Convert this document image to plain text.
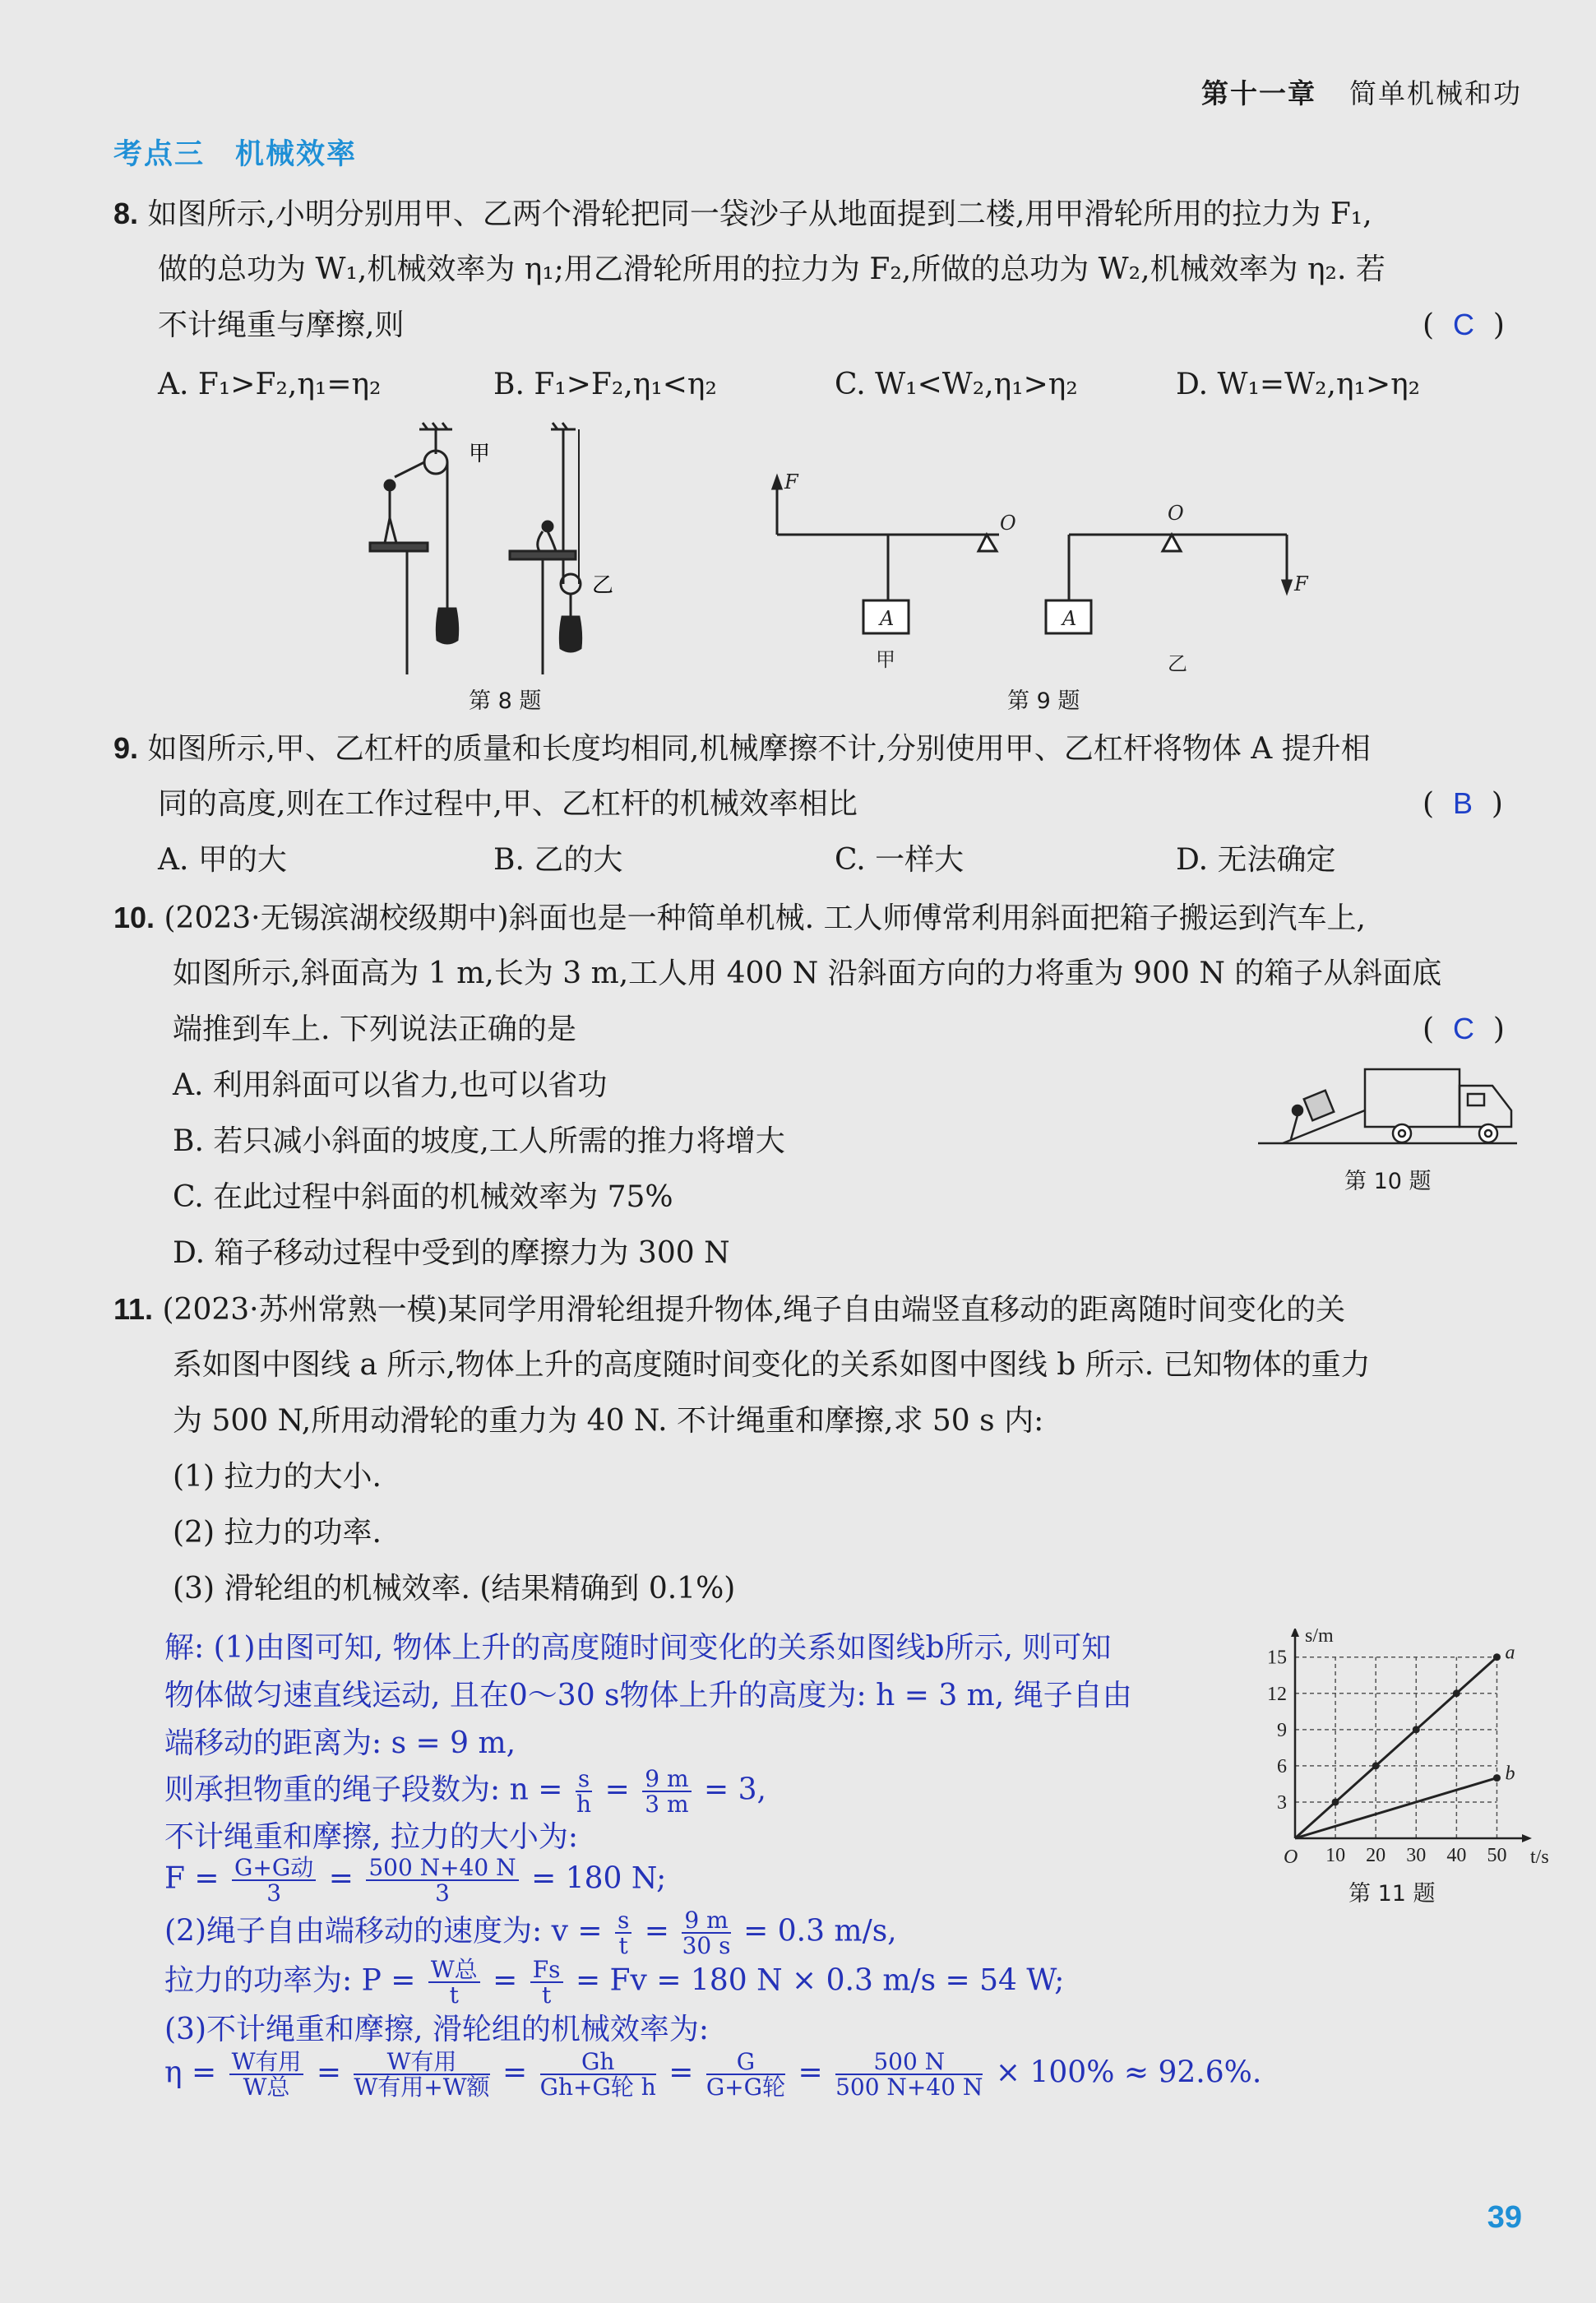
第十一章 简单机械和功
考点三　机械效率
8. 如图所示,小明分别用甲、乙两个滑轮把同一袋沙子从地面提到二楼,用甲滑轮所用的拉力为 F₁,
做的总功为 W₁,机械效率为 η₁;用乙滑轮所用的拉力为 F₂,所做的总功为 W₂,机械效率为 η₂. 若
不计绳重与摩擦,则	(  C  )
A. F₁>F₂,η₁=η₂	B. F₁>F₂,η₁<η₂	C. W₁<W₂,η₁>η₂	D. W₁=W₂,η₁>η₂
甲
乙
第 8 题
F
O
A
O
A
F
甲	乙
第 9 题
9. 如图所示,甲、乙杠杆的质量和长度均相同,机械摩擦不计,分别使用甲、乙杠杆将物体 A 提升相
同的高度,则在工作过程中,甲、乙杠杆的机械效率相比	(  B  )
A. 甲的大	B. 乙的大	C. 一样大	D. 无法确定
10. (2023·无锡滨湖校级期中)斜面也是一种简单机械. 工人师傅常利用斜面把箱子搬运到汽车上,
如图所示,斜面高为 1 m,长为 3 m,工人用 400 N 沿斜面方向的力将重为 900 N 的箱子从斜面底
端推到车上. 下列说法正确的是	(  C  )
A. 利用斜面可以省力,也可以省功
B. 若只减小斜面的坡度,工人所需的推力将增大
C. 在此过程中斜面的机械效率为 75%
D. 箱子移动过程中受到的摩擦力为 300 N
第 10 题
11. (2023·苏州常熟一模)某同学用滑轮组提升物体,绳子自由端竖直移动的距离随时间变化的关
系如图中图线 a 所示,物体上升的高度随时间变化的关系如图中图线 b 所示. 已知物体的重力
为 500 N,所用动滑轮的重力为 40 N. 不计绳重和摩擦,求 50 s 内:
(1) 拉力的大小.
(2) 拉力的功率.
(3) 滑轮组的机械效率. (结果精确到 0.1%)
解: (1)由图可知, 物体上升的高度随时间变化的关系如图线b所示, 则可知
物体做匀速直线运动, 且在0～30 s物体上升的高度为: h = 3 m, 绳子自由
端移动的距离为: s = 9 m,
则承担物重的绳子段数为: $n = \frac{s}{h} = \frac{9 m}{3 m} = 3$,
不计绳重和摩擦, 拉力的大小为:
$F = \frac{\text{G+G动}}{3} = \frac{500 N+40 N}{3} = 180$ N;
(2)绳子自由端移动的速度为: $v = \frac{s}{t} = \frac{9 m}{30 s} = 0.3$ m/s,
拉力的功率为: $P = \frac{\text{W总}}{t} = \frac{Fs}{t} = Fv = 180$ N × 0.3 m/s = 54 W;
(3)不计绳重和摩擦, 滑轮组的机械效率为:
$\eta = \frac{\text{W有用}}{\text{W总}} = \frac{\text{W有用}}{\text{W有用+W额}} = \frac{Gh}{\text{Gh+G轮 h}} = \frac{G}{\text{G+G轮}} = \frac{500 N}{500 N+40 N} \times 100\% \approx 92.6\%$.
10 20 30 40 50
3
6
9
12
15
O
s/m
t/s
a
b
第 11 题
39
